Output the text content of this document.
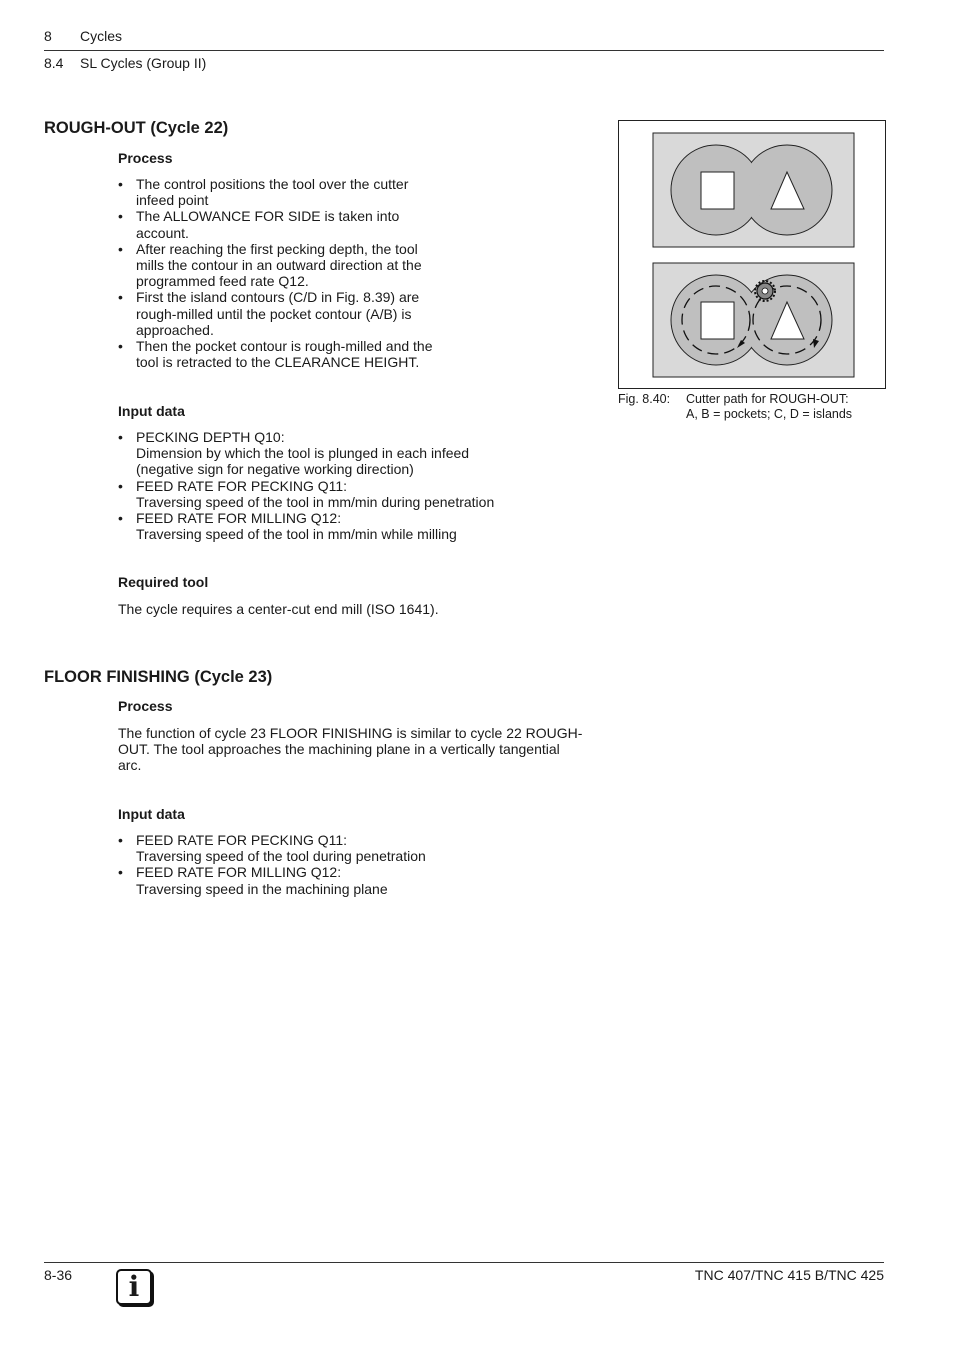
8 Cycles
8.4 SL Cycles (Group II)
ROUGH-OUT (Cycle 22)
Process
• The control positions the tool over the cutter infeed point
• The ALLOWANCE FOR SIDE is taken into account.
• After reaching the first pecking depth, the tool mills the contour in an outward direction at the programmed feed rate Q12.
• First the island contours (C/D in Fig. 8.39) are rough-milled until the pocket contour (A/B) is approached.
• Then the pocket contour is rough-milled and the tool is retracted to the CLEARANCE HEIGHT.
Input data
• PECKING DEPTH Q10:
Dimension by which the tool is plunged in each infeed
(negative sign for negative working direction)
• FEED RATE FOR PECKING Q11:
Traversing speed of the tool in mm/min during penetration
• FEED RATE FOR MILLING Q12:
Traversing speed of the tool in mm/min while milling
Required tool
The cycle requires a center-cut end mill (ISO 1641).
Fig. 8.40: Cutter path for ROUGH-OUT:
A, B = pockets; C, D = islands
FLOOR FINISHING (Cycle 23)
Process
The function of cycle 23 FLOOR FINISHING is similar to cycle 22 ROUGH-
OUT. The tool approaches the machining plane in a vertically tangential
arc.
Input data
• FEED RATE FOR PECKING Q11:
Traversing speed of the tool during penetration
• FEED RATE FOR MILLING Q12:
Traversing speed in the machining plane
8-36	i	TNC 407/TNC 415 B/TNC 425
